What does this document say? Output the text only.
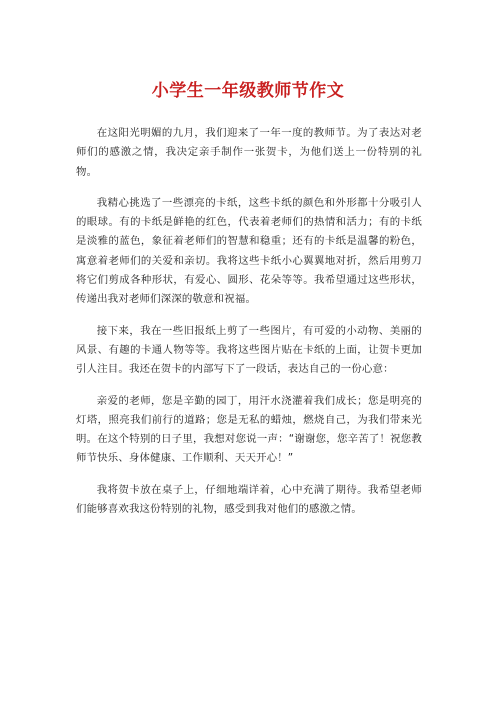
小学生一年级教师节作文

在这阳光明媚的九月，我们迎来了一年一度的教师节。为了表达对老师们的感激之情，我决定亲手制作一张贺卡，为他们送上一份特别的礼物。

我精心挑选了一些漂亮的卡纸，这些卡纸的颜色和外形都十分吸引人的眼球。有的卡纸是鲜艳的红色，代表着老师们的热情和活力；有的卡纸是淡雅的蓝色，象征着老师们的智慧和稳重；还有的卡纸是温馨的粉色，寓意着老师们的关爱和亲切。我将这些卡纸小心翼翼地对折，然后用剪刀将它们剪成各种形状，有爱心、圆形、花朵等等。我希望通过这些形状，传递出我对老师们深深的敬意和祝福。

接下来，我在一些旧报纸上剪了一些图片，有可爱的小动物、美丽的风景、有趣的卡通人物等等。我将这些图片贴在卡纸的上面，让贺卡更加引人注目。我还在贺卡的内部写下了一段话，表达自己的一份心意：

亲爱的老师，您是辛勤的园丁，用汗水浇灌着我们成长；您是明亮的灯塔，照亮我们前行的道路；您是无私的蜡烛，燃烧自己，为我们带来光明。在这个特别的日子里，我想对您说一声：“谢谢您，您辛苦了！祝您教师节快乐、身体健康、工作顺利、天天开心！”

我将贺卡放在桌子上，仔细地端详着，心中充满了期待。我希望老师们能够喜欢我这份特别的礼物，感受到我对他们的感激之情。
